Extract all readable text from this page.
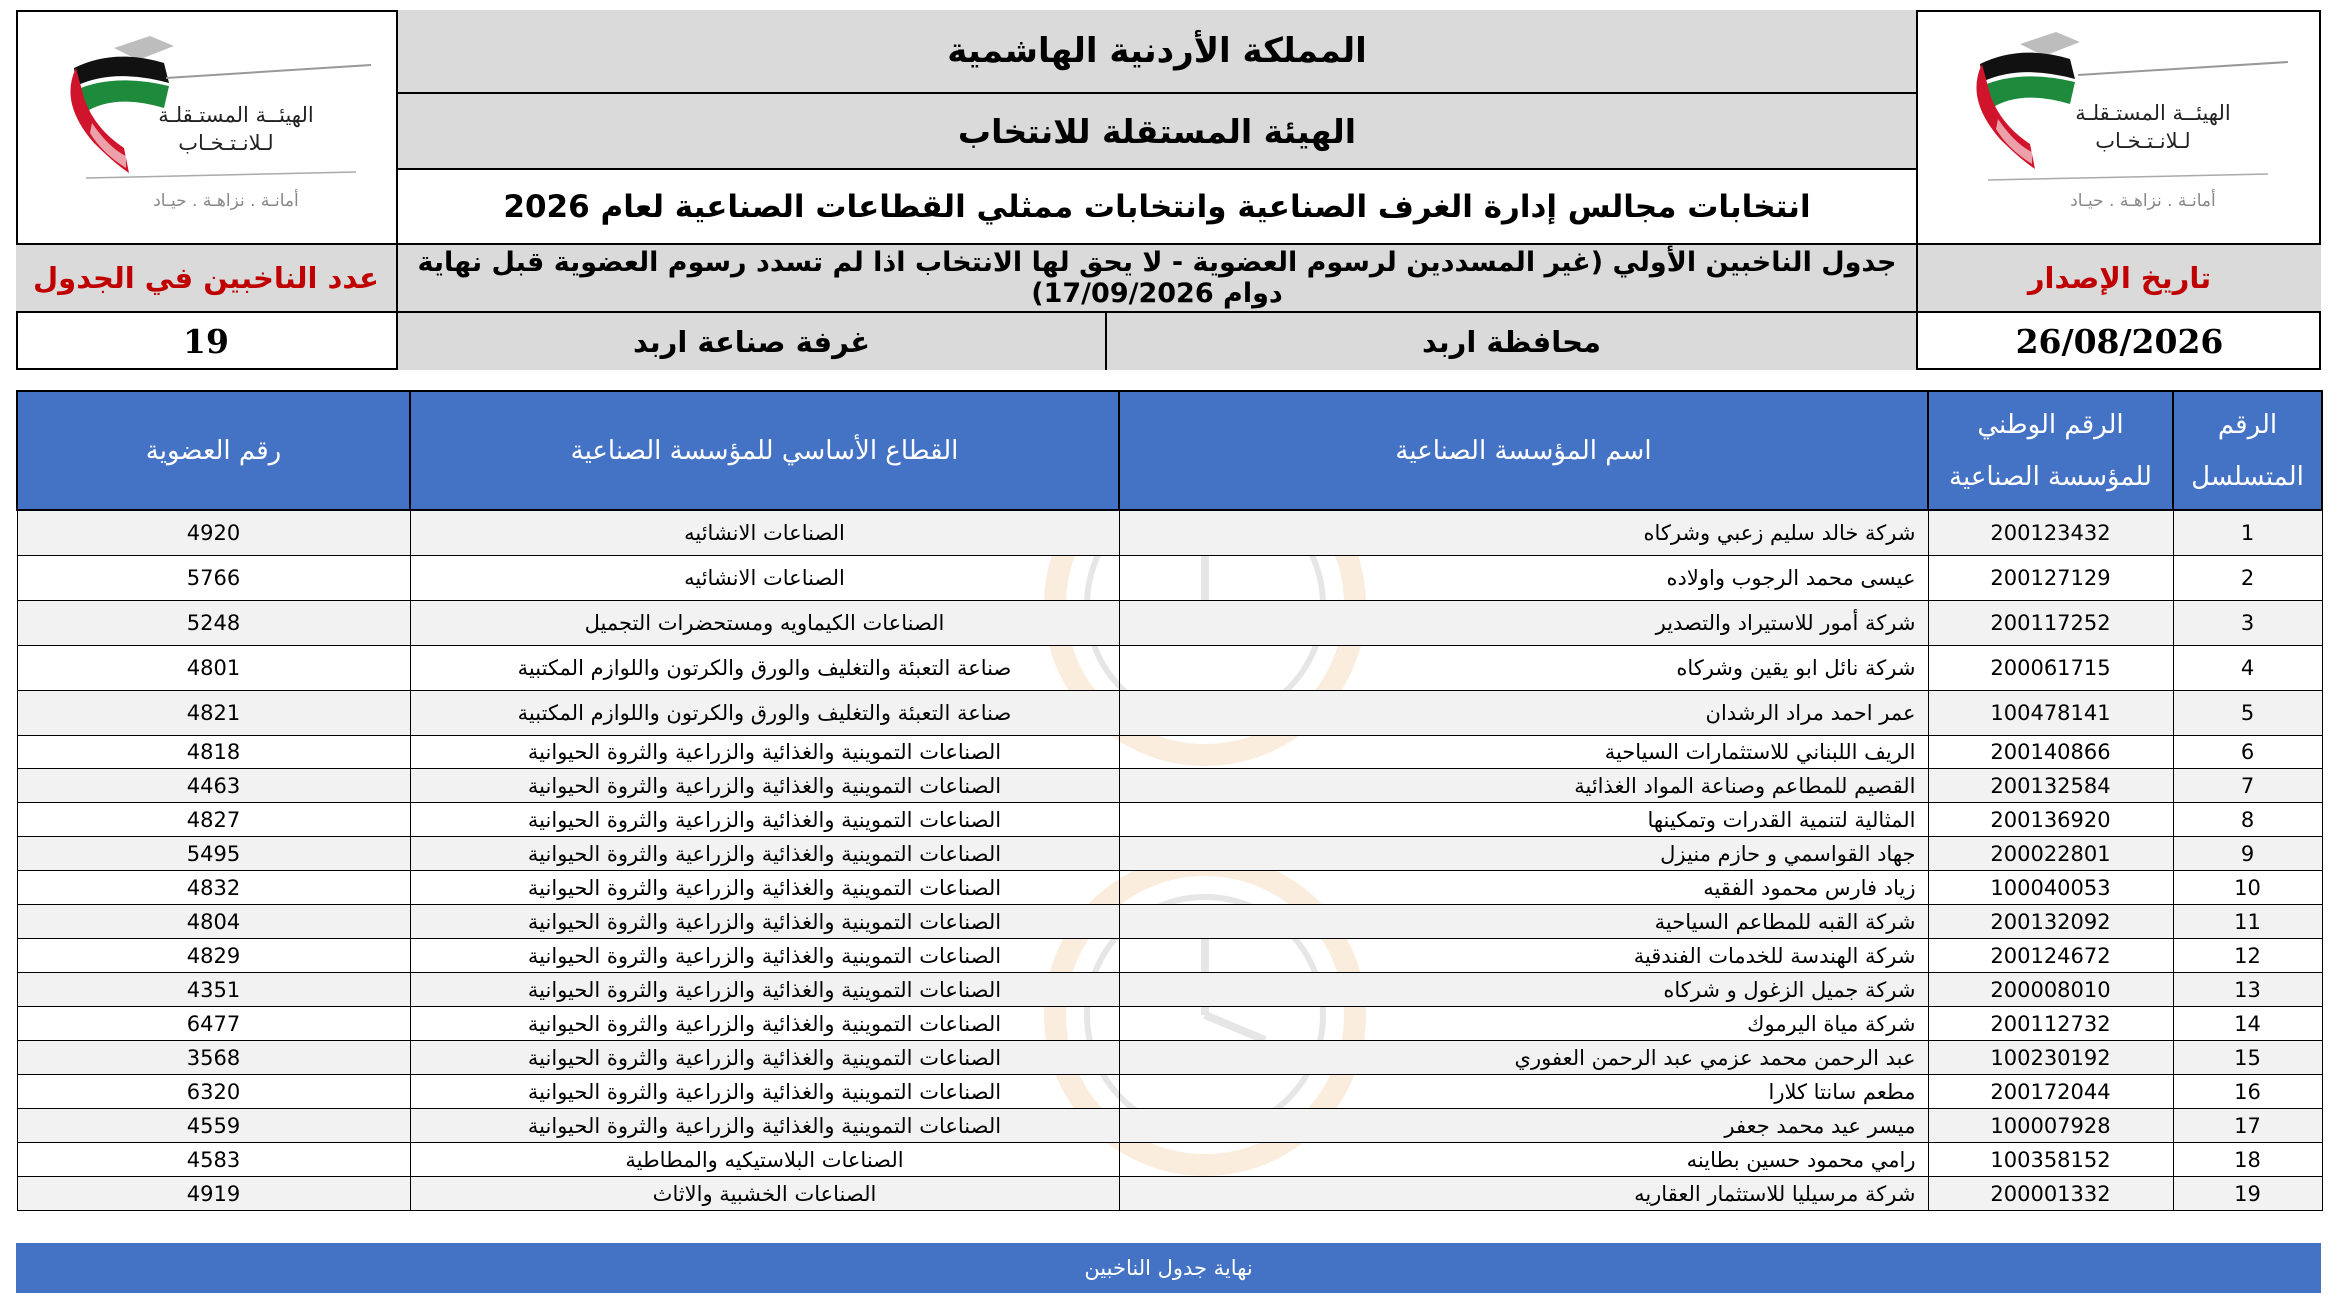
الهيئــة المستـقلـة
لـلانـتـخـاب
أمانـة . نزاهـة . حيـاد
الهيئــة المستـقلـة
لـلانـتـخـاب
أمانـة . نزاهـة . حيـاد
المملكة الأردنية الهاشمية
الهيئة المستقلة للانتخاب
انتخابات مجالس إدارة الغرف الصناعية وانتخابات ممثلي القطاعات الصناعية لعام 2026
عدد الناخبين في الجدول	جدول الناخبين الأولي (غير المسددين لرسوم العضوية - لا يحق لها الانتخاب اذا لم تسدد رسوم العضوية قبل نهاية دوام 17/09/2026)	تاريخ الإصدار
19	غرفة صناعة اربد	محافظة اربد	26/08/2026
الرقم المتسلسل	الرقم الوطني للمؤسسة الصناعية	اسم المؤسسة الصناعية	القطاع الأساسي للمؤسسة الصناعية	رقم العضوية
1	200123432	شركة خالد سليم زعبي وشركاه	الصناعات الانشائيه	4920
2	200127129	عيسى محمد الرجوب واولاده	الصناعات الانشائيه	5766
3	200117252	شركة أمور للاستيراد والتصدير	الصناعات الكيماويه ومستحضرات التجميل	5248
4	200061715	شركة نائل ابو يقين وشركاه	صناعة التعبئة والتغليف والورق والكرتون واللوازم المكتبية	4801
5	100478141	عمر احمد مراد الرشدان	صناعة التعبئة والتغليف والورق والكرتون واللوازم المكتبية	4821
6	200140866	الريف اللبناني للاستثمارات السياحية	الصناعات التموينية والغذائية والزراعية والثروة الحيوانية	4818
7	200132584	القصيم للمطاعم وصناعة المواد الغذائية	الصناعات التموينية والغذائية والزراعية والثروة الحيوانية	4463
8	200136920	المثالية لتنمية القدرات وتمكينها	الصناعات التموينية والغذائية والزراعية والثروة الحيوانية	4827
9	200022801	جهاد القواسمي و حازم منيزل	الصناعات التموينية والغذائية والزراعية والثروة الحيوانية	5495
10	100040053	زياد فارس محمود الفقيه	الصناعات التموينية والغذائية والزراعية والثروة الحيوانية	4832
11	200132092	شركة القبه للمطاعم السياحية	الصناعات التموينية والغذائية والزراعية والثروة الحيوانية	4804
12	200124672	شركة الهندسة للخدمات الفندقية	الصناعات التموينية والغذائية والزراعية والثروة الحيوانية	4829
13	200008010	شركة جميل الزغول و شركاه	الصناعات التموينية والغذائية والزراعية والثروة الحيوانية	4351
14	200112732	شركة مياة اليرموك	الصناعات التموينية والغذائية والزراعية والثروة الحيوانية	6477
15	100230192	عبد الرحمن محمد عزمي عبد الرحمن العفوري	الصناعات التموينية والغذائية والزراعية والثروة الحيوانية	3568
16	200172044	مطعم سانتا كلارا	الصناعات التموينية والغذائية والزراعية والثروة الحيوانية	6320
17	100007928	ميسر عيد محمد جعفر	الصناعات التموينية والغذائية والزراعية والثروة الحيوانية	4559
18	100358152	رامي محمود حسين بطاينه	الصناعات البلاستيكيه والمطاطية	4583
19	200001332	شركة مرسيليا للاستثمار العقاريه	الصناعات الخشبية والاثاث	4919
نهاية جدول الناخبين
